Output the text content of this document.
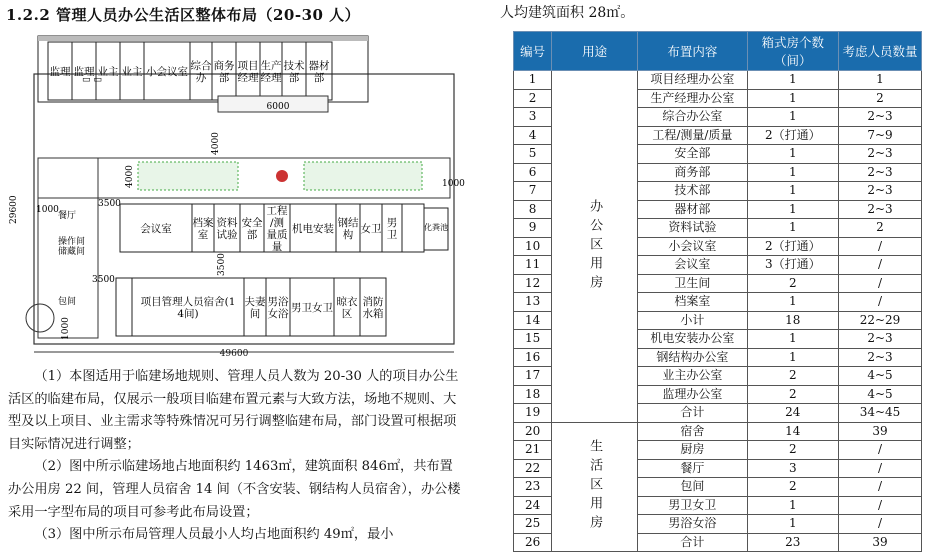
1.2.2 管理人员办公生活区整体布局（20-30 人）	人均建筑面积 28㎡。
监理 监理 业主 业主 小会议室 综合办
商务部
项目经理
生产经理
技术部
器材部
▭ ▭
6000
4000
4000	1000
餐厅
操作间
储藏间
包间
3500
会议室 档案室
资料试验
安全部
工程/测量质量
机电安装 钢结构 女卫 男卫
3500
化粪池
3500
项目管理人员宿舍(1 4间)
夫妻间
男浴女浴 男卫女卫 晾衣区
消防水箱
49600
29600 1000
1000

（1）本图适用于临建场地规则、管理人员人数为 20-30 人的项目办公生活区的临建布局，仅展示一般项目临建布置元素与大致方法，场地不规则、大型及以上项目、业主需求等特殊情况可另行调整临建布局，部门设置可根据项目实际情况进行调整；

（2）图中所示临建场地占地面积约 1463㎡，建筑面积 846㎡，共布置办公用房 22 间，管理人员宿舍 14 间（不含安装、钢结构人员宿舍），办公楼采用一字型布局的项目可参考此布局设置；

（3）图中所示布局管理人员最小人均占地面积约 49㎡，最小

编号	用途	布置内容	箱式房个数（间）	考虑人员数量
1	办公区用房	项目经理办公室	1	1
2		生产经理办公室	1	2
3		综合办公室	1	2~3
4		工程/测量/质量	2（打通）	7~9
5		安全部	1	2~3
6		商务部	1	2~3
7		技术部	1	2~3
8		器材部	1	2~3
9		资料试验	1	2
10		小会议室	2（打通）	/
11		会议室	3（打通）	/
12		卫生间	2	/
13		档案室	1	/
14		小计	18	22~29
15		机电安装办公室	1	2~3
16		钢结构办公室	1	2~3
17		业主办公室	2	4~5
18		监理办公室	2	4~5
19		合计	24	34~45
20	生活区用房	宿舍	14	39
21		厨房	2	/
22		餐厅	3	/
23		包间	2	/
24		男卫女卫	1	/
25		男浴女浴	1	/
26		合计	23	39
